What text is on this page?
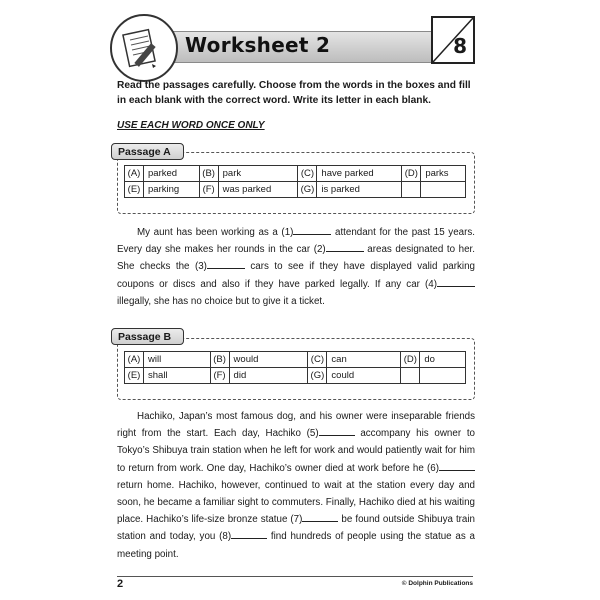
Worksheet 2	8
Read the passages carefully. Choose from the words in the boxes and fill in each blank with the correct word. Write its letter in each blank.
USE EACH WORD ONCE ONLY
Passage A
(A)	parked	(B)	park	(C)	have parked	(D)	parks
(E)	parking	(F)	was parked	(G)	is parked		
My aunt has been working as a (1)	attendant for the past 15 years. Every day she makes her rounds in the car (2)	areas designated to her. She checks the (3)	cars to see if they have displayed valid parking coupons or discs and also if they have parked legally. If any car (4) illegally, she has no choice but to give it a ticket.
Passage B
(A)	will	(B)	would	(C)	can	(D)	do
(E)	shall	(F)	did	(G)	could		
Hachiko, Japan’s most famous dog, and his owner were inseparable friends right from the start. Each day, Hachiko (5)	accompany his owner to Tokyo’s Shibuya train station when he left for work and would patiently wait for him to return from work. One day, Hachiko’s owner died at work before he (6) return home. Hachiko, however, continued to wait at the station every day and soon, he became a familiar sight to commuters. Finally, Hachiko died at his waiting place. Hachiko’s life-size bronze statue (7)	be found outside Shibuya train station and today, you (8)	find hundreds of people using the statue as a meeting point.
2	© Dolphin Publications
